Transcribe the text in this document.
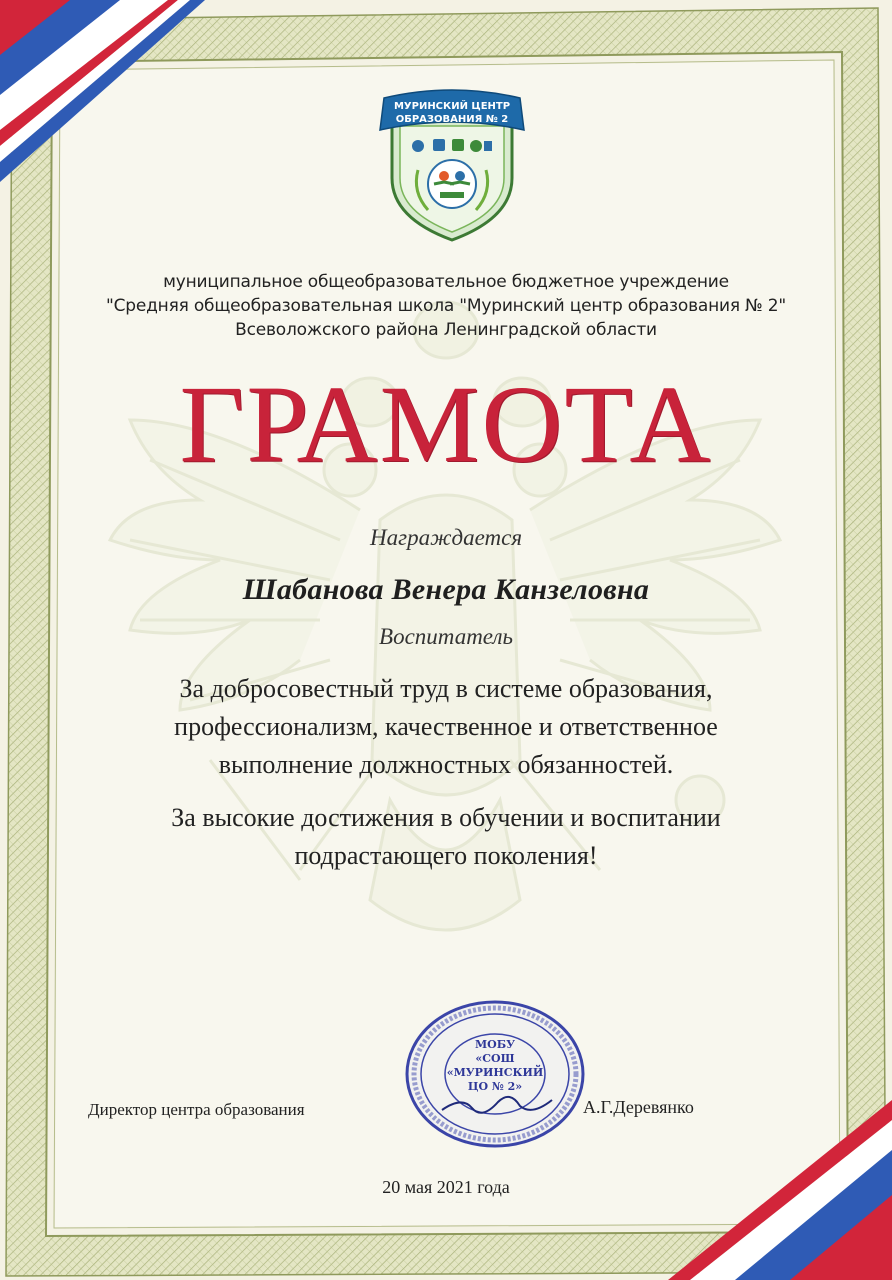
МУРИНСКИЙ ЦЕНТР
ОБРАЗОВАНИЯ № 2
муниципальное общеобразовательное бюджетное учреждение
"Средняя общеобразовательная школа "Муринский центр образования № 2"
Всеволожского района Ленинградской области
ГРАМОТА
Награждается
Шабанова Венера Канзеловна
Воспитатель
За добросовестный труд в системе образования,
профессионализм, качественное и ответственное
выполнение должностных обязанностей.
За высокие достижения в обучении и воспитании
подрастающего поколения!
МОБУ
«СОШ
«МУРИНСКИЙ
ЦО № 2»
Директор центра образования	А.Г.Деревянко
20 мая 2021 года
